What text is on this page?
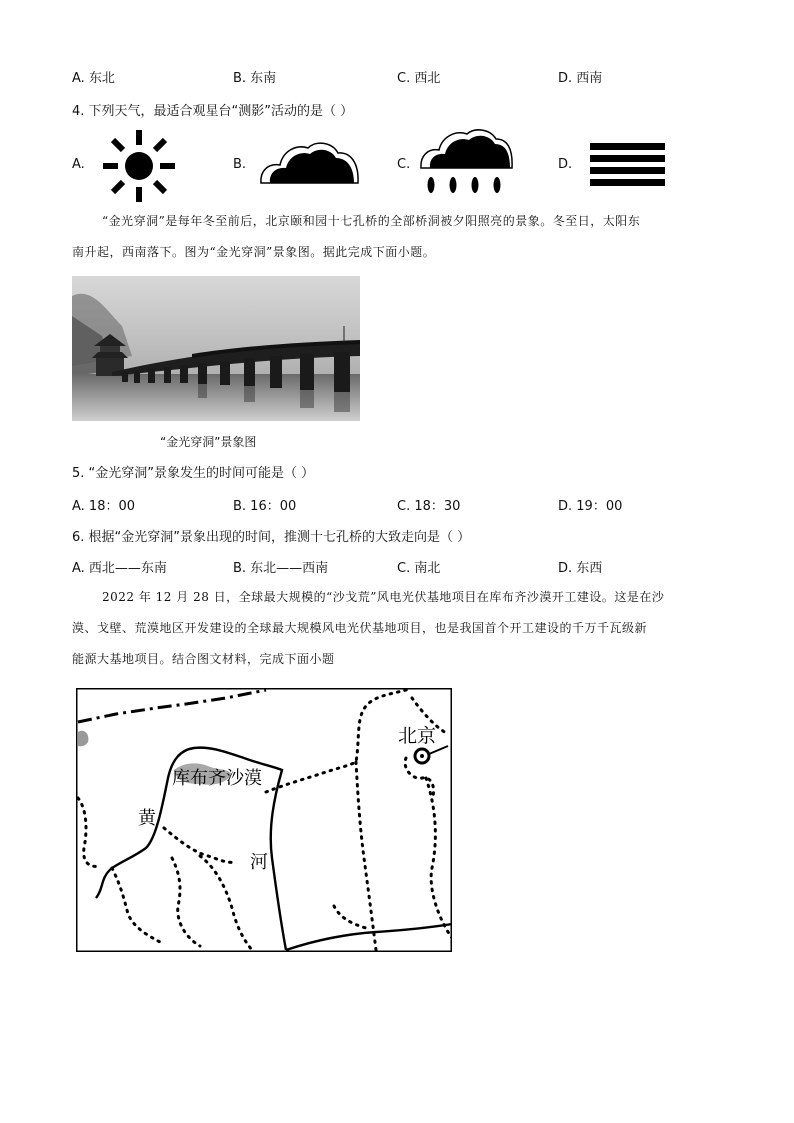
A. 东北	B. 东南	C. 西北	D. 西南
4. 下列天气，最适合观星台“测影”活动的是（ ）
A.	B.	C.	D.
“金光穿洞”是每年冬至前后，北京颐和园十七孔桥的全部桥洞被夕阳照亮的景象。冬至日，太阳东
南升起，西南落下。图为“金光穿洞”景象图。据此完成下面小题。
“金光穿洞”景象图
5. “金光穿洞”景象发生的时间可能是（ ）
A. 18：00	B. 16：00	C. 18：30	D. 19：00
6. 根据“金光穿洞”景象出现的时间，推测十七孔桥的大致走向是（ ）
A. 西北——东南	B. 东北——西南	C. 南北	D. 东西
2022 年 12 月 28 日，全球最大规模的“沙戈荒”风电光伏基地项目在库布齐沙漠开工建设。这是在沙
漠、戈壁、荒漠地区开发建设的全球最大规模风电光伏基地项目，也是我国首个开工建设的千万千瓦级新
能源大基地项目。结合图文材料，完成下面小题
北京
库布齐沙漠
黄
河
